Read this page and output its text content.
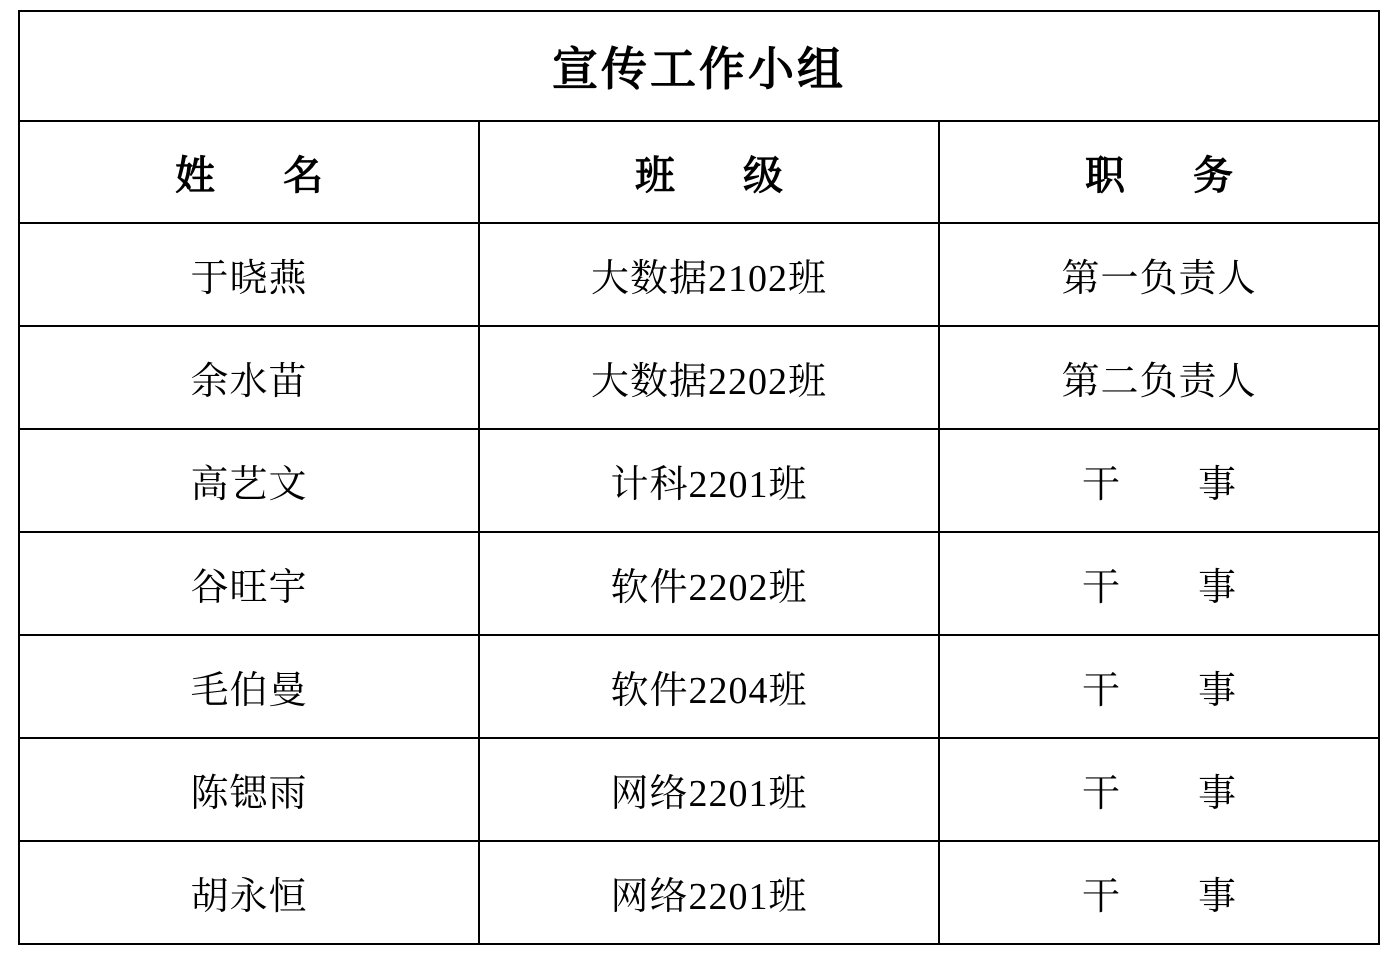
宣传工作小组		
姓　名	班　级	职　务
于晓燕	大数据2102班	第一负责人
余水苗	大数据2202班	第二负责人
高艺文	计科2201班	干　事
谷旺宇	软件2202班	干　事
毛伯曼	软件2204班	干　事
陈锶雨	网络2201班	干　事
胡永恒	网络2201班	干　事
